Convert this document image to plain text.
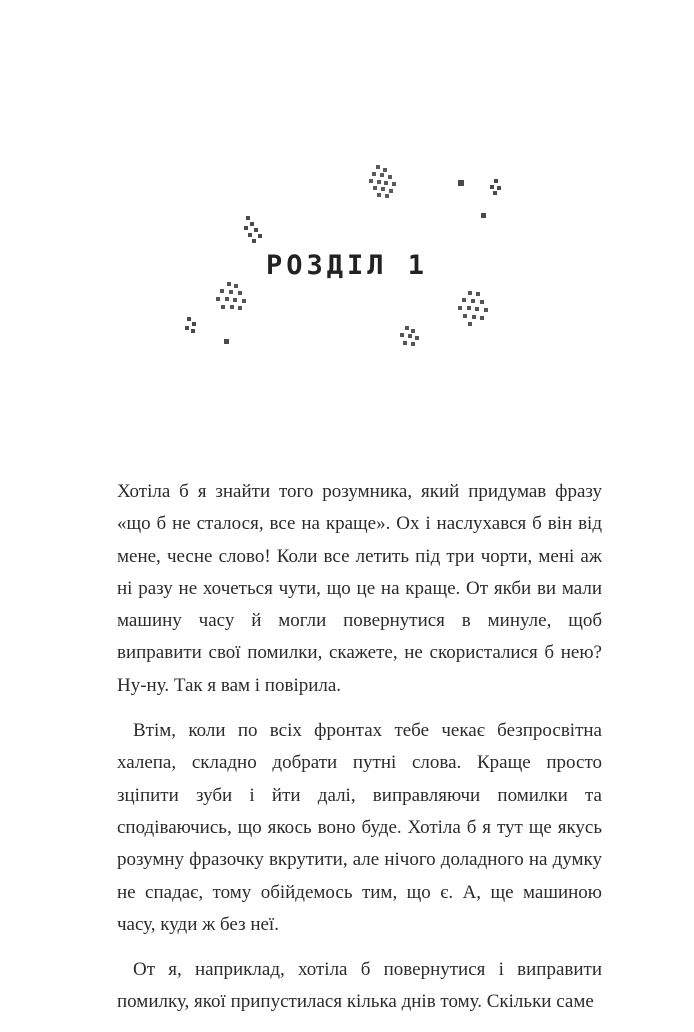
РОЗДІЛ 1

Хотіла б я знайти того розумника, який придумав фразу «що б не сталося, все на краще». Ох і наслухався б він від мене, чесне слово! Коли все летить під три чорти, мені аж ні разу не хочеться чути, що це на краще. От якби ви мали машину часу й могли повернутися в минуле, щоб виправити свої помилки, скажете, не скористалися б нею? Ну-ну. Так я вам і повірила.

Втім, коли по всіх фронтах тебе чекає безпросвітна халепа, складно добрати путні слова. Краще просто зціпити зуби і йти далі, виправляючи помилки та сподіваючись, що якось воно буде. Хотіла б я тут ще якусь розумну фразочку вкрутити, але нічого доладного на думку не спадає, тому обійдемось тим, що є. А, ще машиною часу, куди ж без неї.

От я, наприклад, хотіла б повернутися і виправити помилку, якої припустилася кілька днів тому. Скільки саме
